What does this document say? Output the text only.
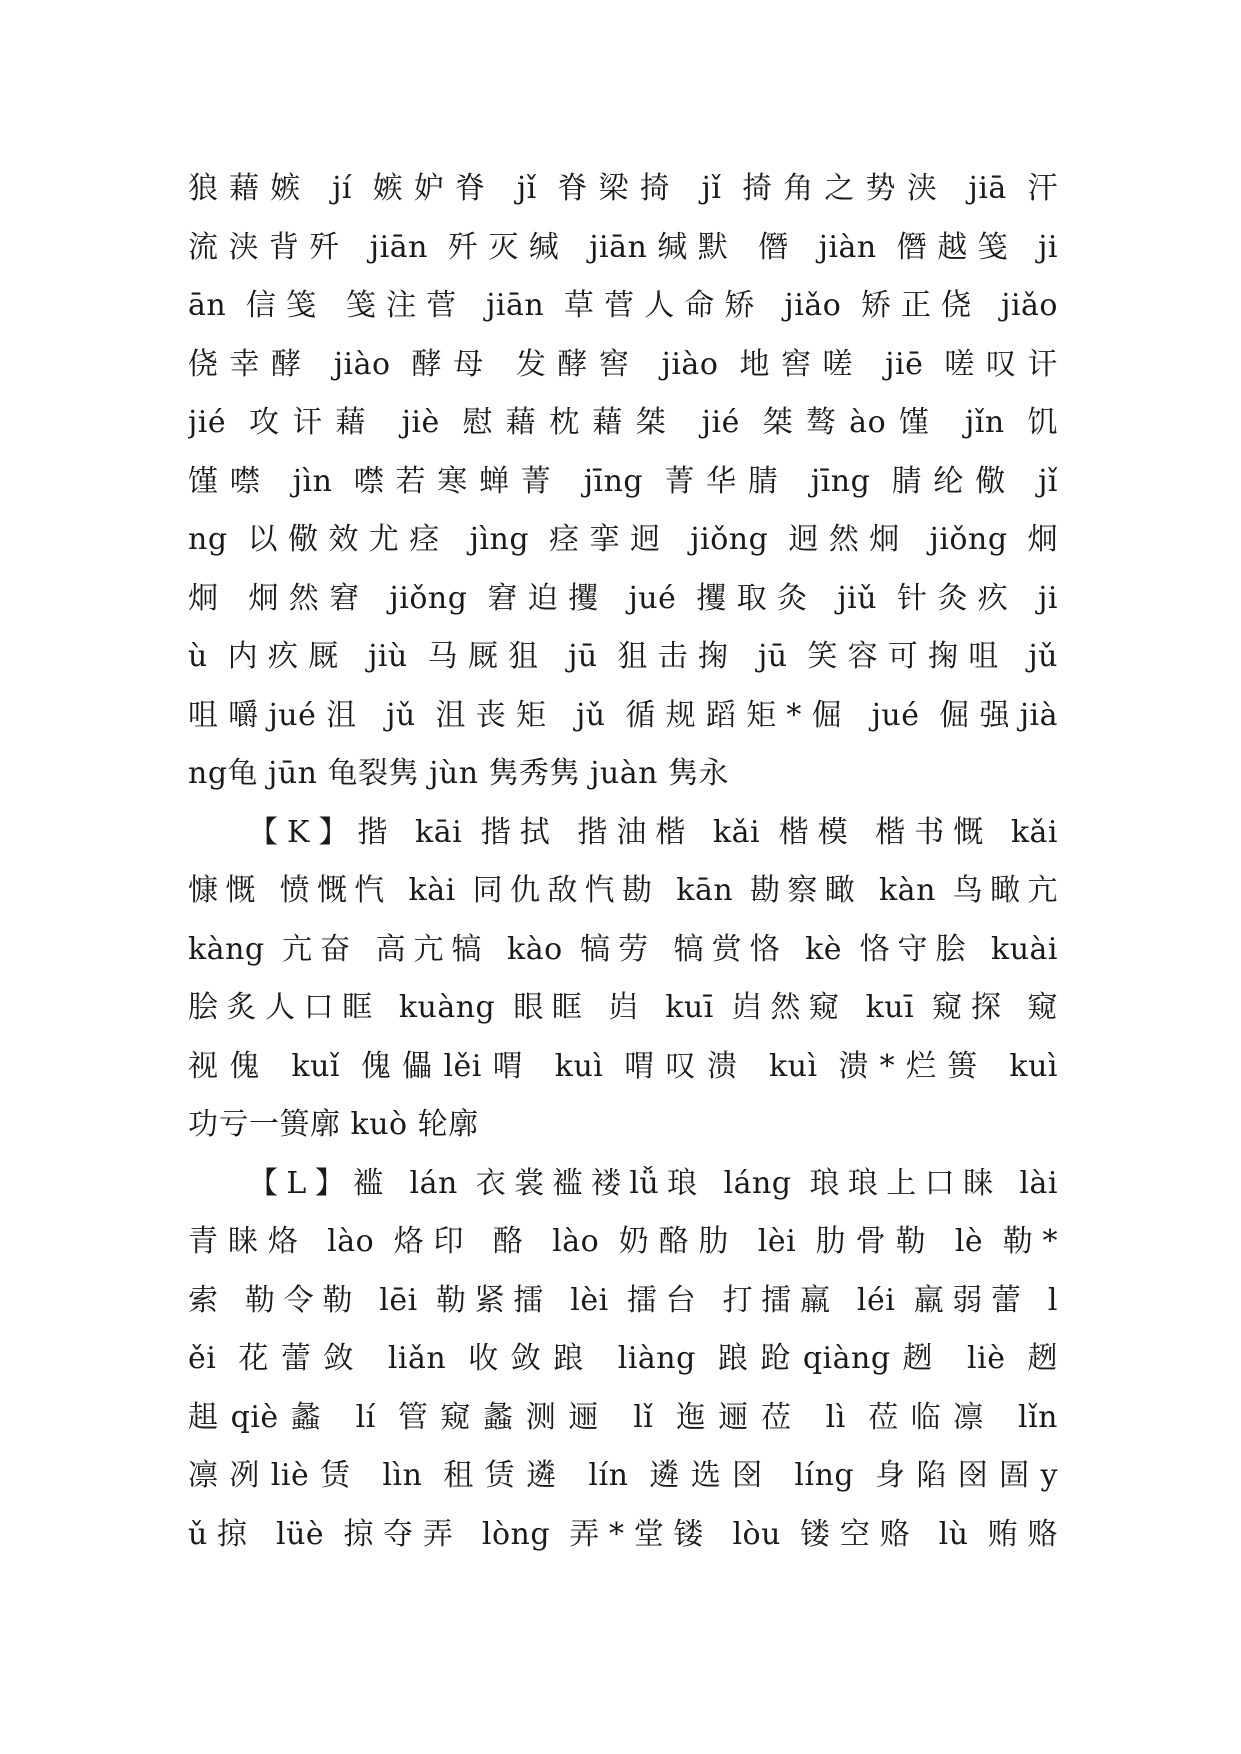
狼藉嫉 jí 嫉妒脊 jǐ 脊梁掎 jǐ 掎角之势浃 jiā 汗
流浃背歼 jiān 歼灭缄 jiān缄默 僭 jiàn 僭越笺 ji
ān 信笺 笺注菅 jiān 草菅人命矫 jiǎo 矫正侥 jiǎo
侥幸酵 jiào 酵母 发酵窖 jiào 地窖嗟 jiē 嗟叹讦
jié 攻讦藉 jiè 慰藉枕藉桀 jié 桀骜ào馑 jǐn 饥
馑噤 jìn 噤若寒蝉菁 jīng 菁华腈 jīng 腈纶儆 jǐ
ng 以儆效尤痉 jìng 痉挛迥 jiǒng 迥然炯 jiǒng 炯
炯 炯然窘 jiǒng 窘迫攫 jué 攫取灸 jiǔ 针灸疚 ji
ù 内疚厩 jiù 马厩狙 jū 狙击掬 jū 笑容可掬咀 jǔ
咀嚼jué沮 jǔ 沮丧矩 jǔ 循规蹈矩*倔 jué 倔强jià
ng龟 jūn 龟裂隽 jùn 隽秀隽 juàn 隽永
【K】揩 kāi 揩拭 揩油楷 kǎi 楷模 楷书慨 kǎi
慷慨 愤慨忾 kài 同仇敌忾勘 kān 勘察瞰 kàn 鸟瞰亢
kàng 亢奋 高亢犒 kào 犒劳 犒赏恪 kè 恪守脍 kuài
脍炙人口眶 kuàng 眼眶 岿 kuī 岿然窥 kuī 窥探 窥
视傀 kuǐ 傀儡lěi喟 kuì 喟叹溃 kuì 溃*烂篑 kuì
功亏一篑廓 kuò 轮廓
【L】褴 lán 衣裳褴褛lǚ琅 láng 琅琅上口睐 lài
青睐烙 lào 烙印 酪 lào 奶酪肋 lèi 肋骨勒 lè 勒*
索 勒令勒 lēi 勒紧擂 lèi 擂台 打擂羸 léi 羸弱蕾 l
ěi 花蕾敛 liǎn 收敛踉 liàng 踉跄qiàng趔 liè 趔
趄qiè蠡 lí 管窥蠡测逦 lǐ 迤逦莅 lì 莅临凛 lǐn
凛冽liè赁 lìn 租赁遴 lín 遴选囹 líng 身陷囹圄y
ǔ掠 lüè 掠夺弄 lòng 弄*堂镂 lòu 镂空赂 lù 贿赂
